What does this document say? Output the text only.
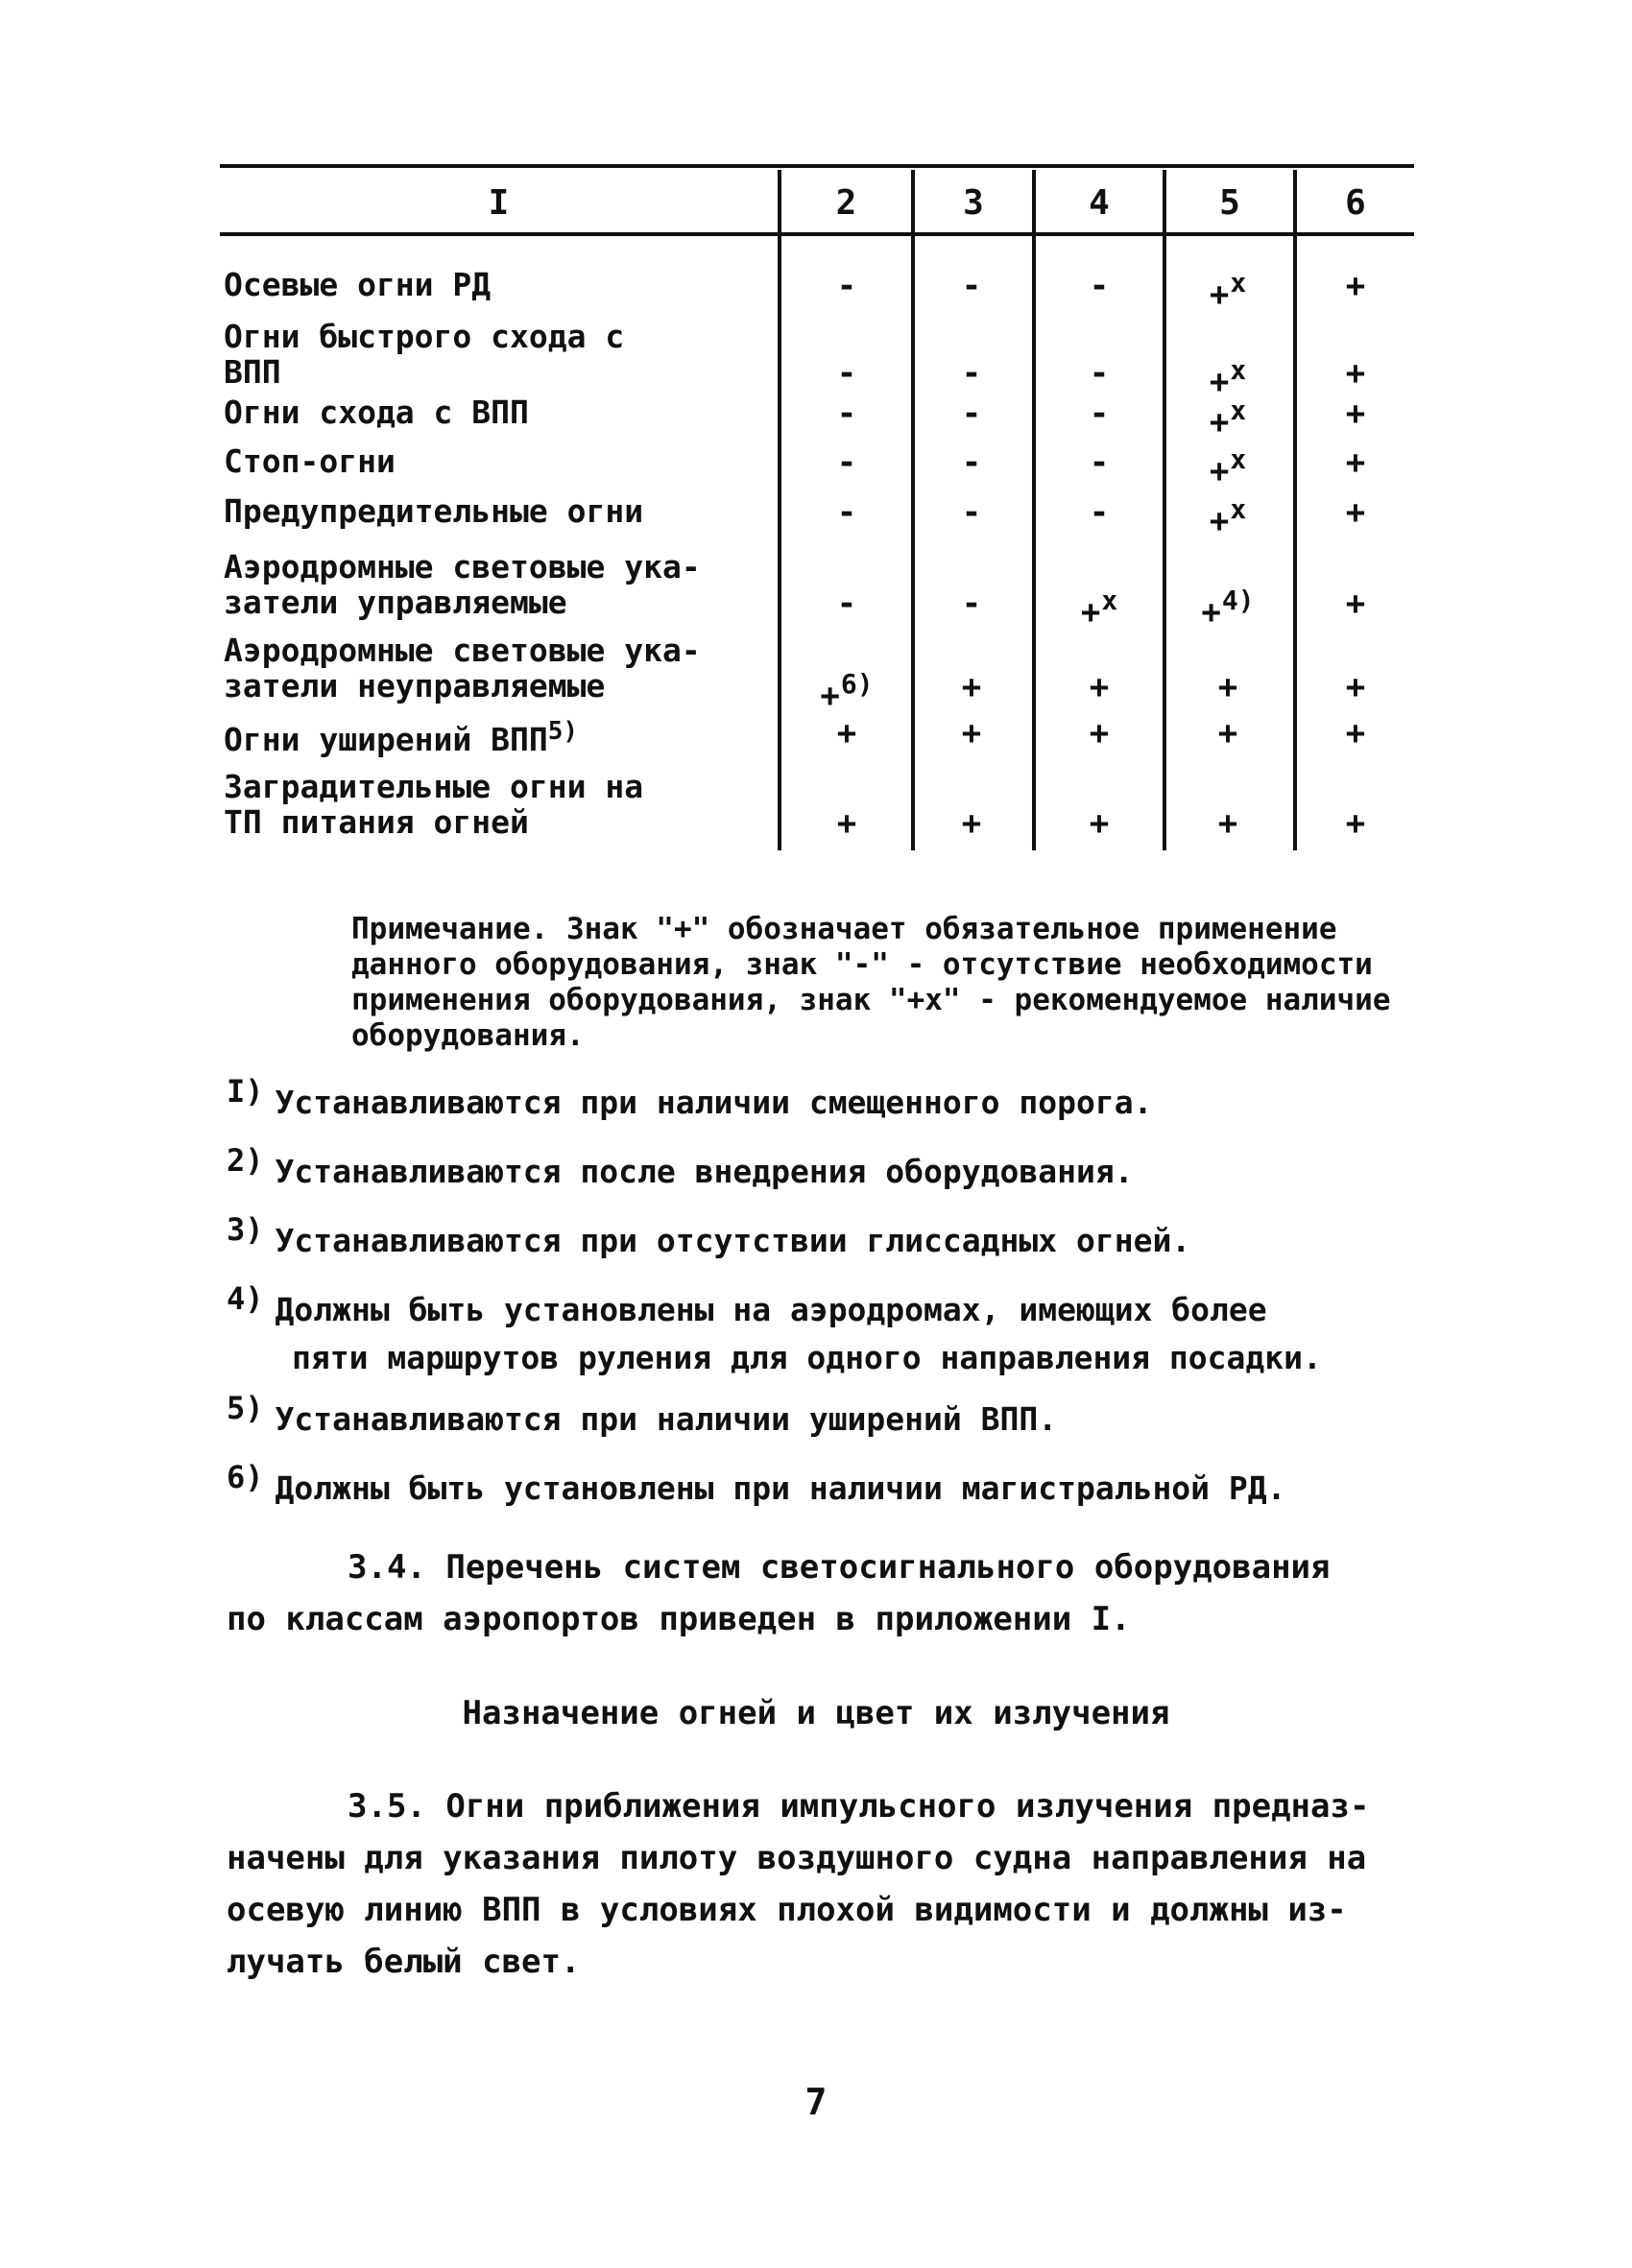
I	2	3	4	5	6
Осевые огни РД	-	-	-	+$^x$	+
Огни быстрого схода с
ВПП	-	-	-	+$^x$	+
Огни схода с ВПП	-	-	-	+$^x$	+
Стоп-огни	-	-	-	+$^x$	+
Предупредительные огни	-	-	-	+$^x$	+
Аэродромные световые ука-
затели управляемые	-	-	+$^x$	+$^{4)}$	+
Аэродромные световые ука-
затели неуправляемые	+$^{6)}$	+	+	+	+
Огни уширений $ВПП^{5)}$	+	+	+	+	+
Заградительные огни на
ТП питания огней	+	+	+	+	+
Примечание. Знак "+" обозначает обязательное применение данного оборудования, знак "-" - отсутствие необходимости применения оборудования, знак "+x" - рекомендуемое наличие оборудования.
I) Устанавливаются при наличии смещенного порога.
2) Устанавливаются после внедрения оборудования.
3) Устанавливаются при отсутствии глиссадных огней.
4) Должны быть установлены на аэродромах, имеющих более
пяти маршрутов руления для одного направления посадки.
5) Устанавливаются при наличии уширений ВПП.
6) Должны быть установлены при наличии магистральной РД.
3.4. Перечень систем светосигнального оборудования
по классам аэропортов приведен в приложении I.
Назначение огней и цвет их излучения
3.5. Огни приближения импульсного излучения предназ-
начены для указания пилоту воздушного судна направления на
осевую линию ВПП в условиях плохой видимости и должны из-
лучать белый свет.
7
